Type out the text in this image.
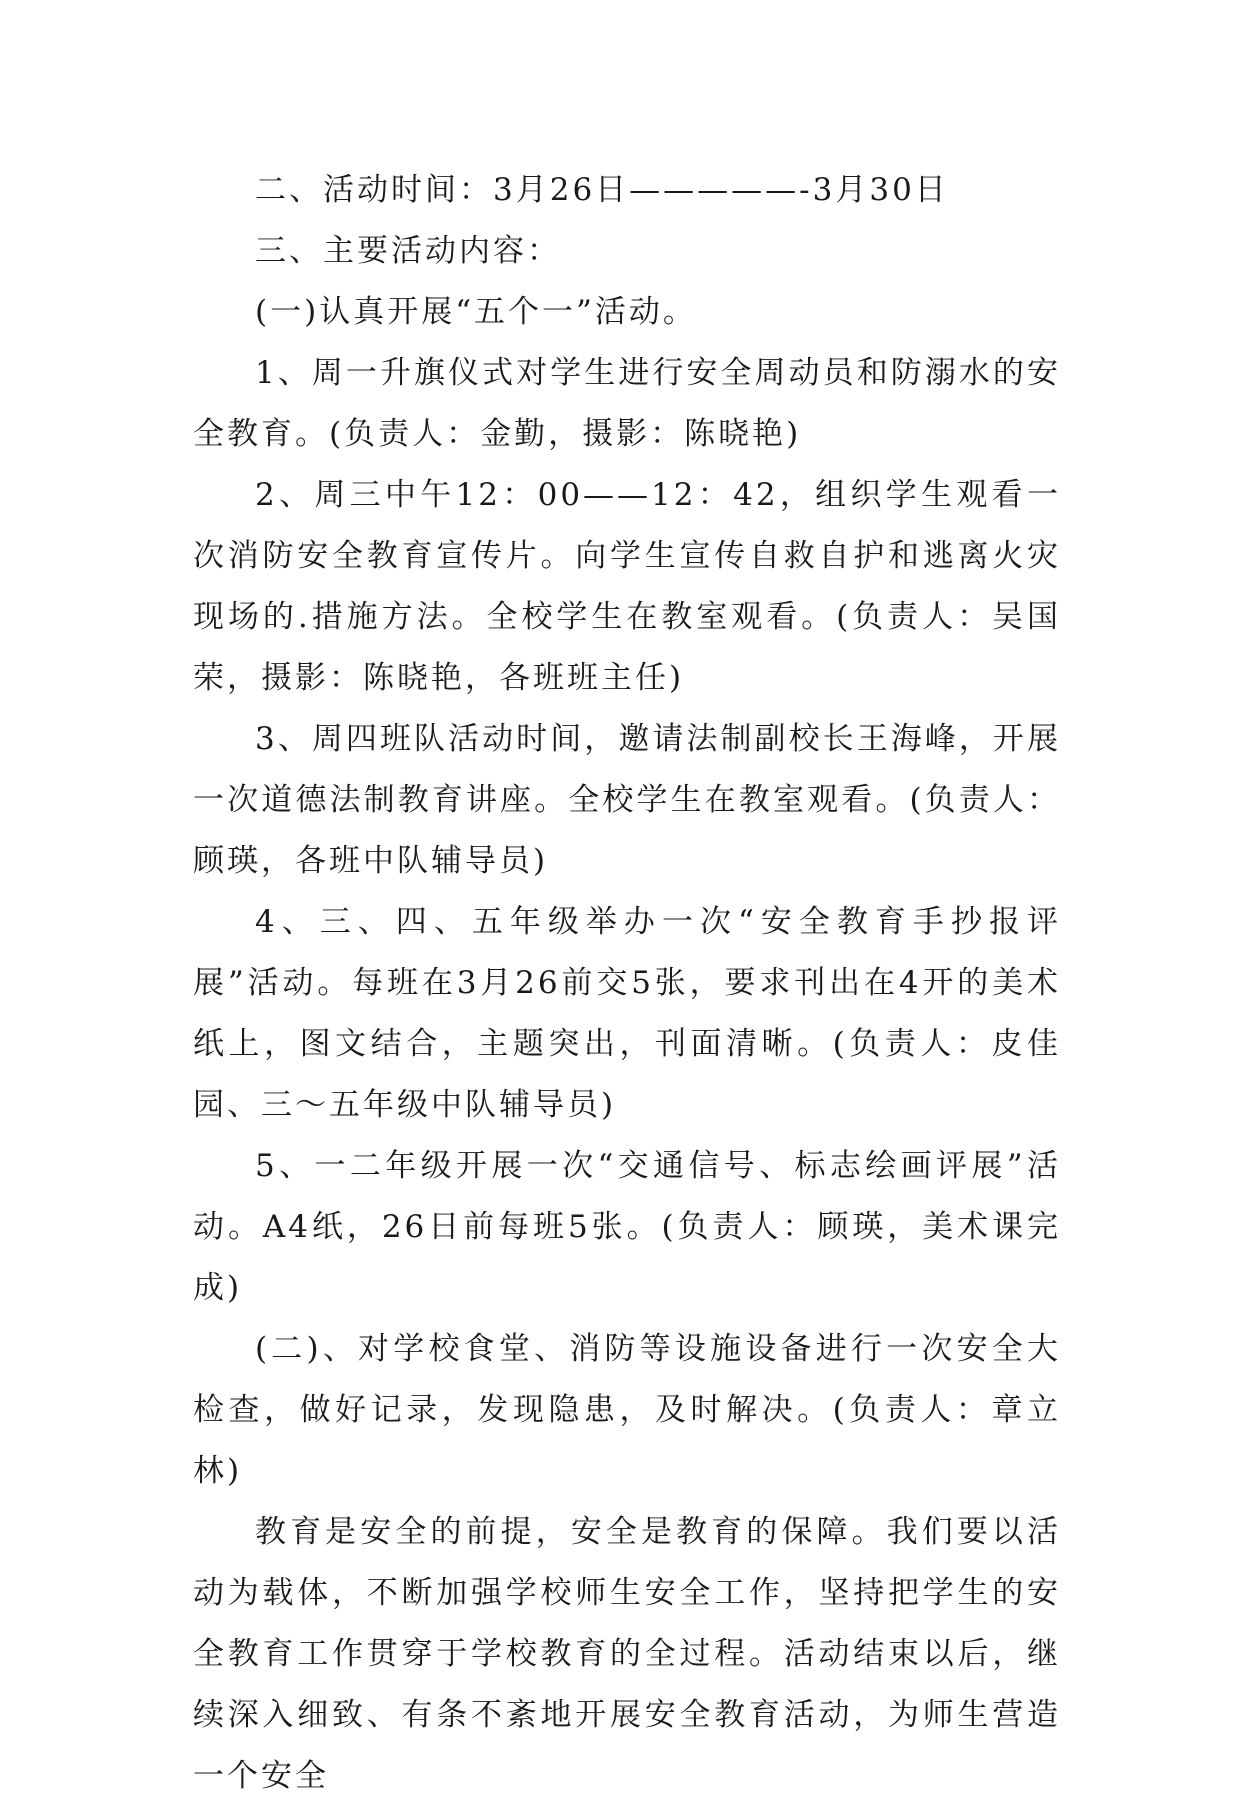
二、活动时间：3月26日—————-3月30日

三、主要活动内容：

(一)认真开展“五个一”活动。

1、周一升旗仪式对学生进行安全周动员和防溺水的安全教育。(负责人：金勤，摄影：陈晓艳)

2、周三中午12：00——12：42，组织学生观看一次消防安全教育宣传片。向学生宣传自救自护和逃离火灾现场的.措施方法。全校学生在教室观看。(负责人：吴国荣，摄影：陈晓艳，各班班主任)

3、周四班队活动时间，邀请法制副校长王海峰，开展一次道德法制教育讲座。全校学生在教室观看。(负责人：顾瑛，各班中队辅导员)

4、三、四、五年级举办一次“安全教育手抄报评展”活动。每班在3月26前交5张，要求刊出在4开的美术纸上，图文结合，主题突出，刊面清晰。(负责人：皮佳园、三～五年级中队辅导员)

5、一二年级开展一次“交通信号、标志绘画评展”活动。A4纸，26日前每班5张。(负责人：顾瑛，美术课完成)

(二)、对学校食堂、消防等设施设备进行一次安全大检查，做好记录，发现隐患，及时解决。(负责人：章立林)

教育是安全的前提，安全是教育的保障。我们要以活动为载体，不断加强学校师生安全工作，坚持把学生的安全教育工作贯穿于学校教育的全过程。活动结束以后，继续深入细致、有条不紊地开展安全教育活动，为师生营造一个安全
